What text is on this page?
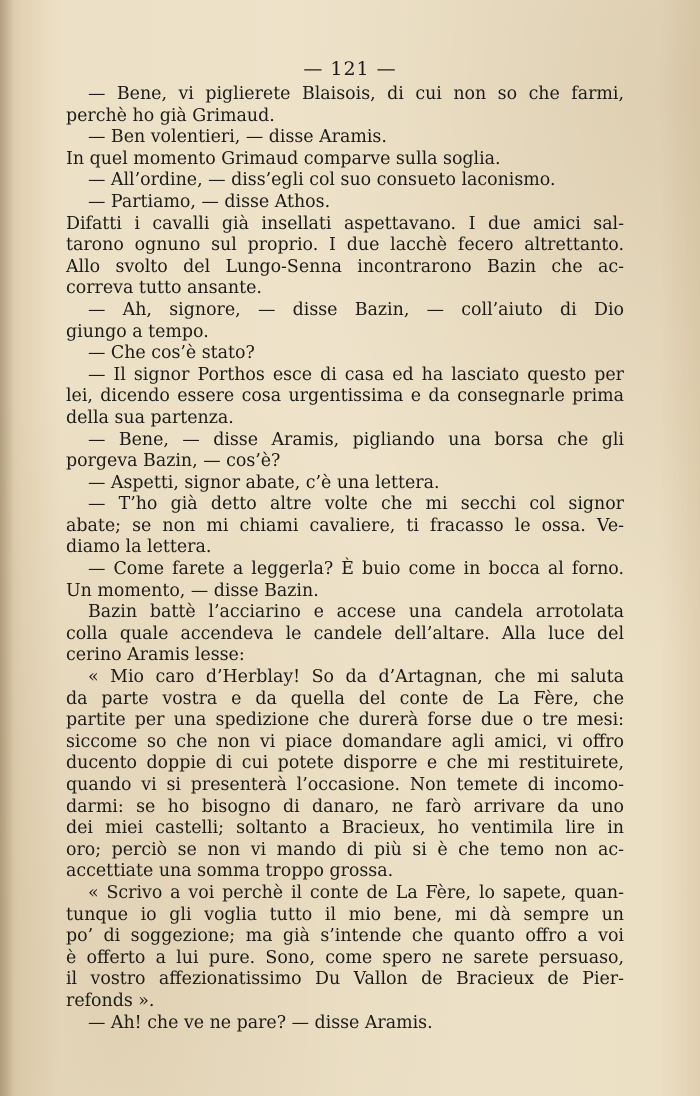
— 121 —
— Bene, vi piglierete Blaisois, di cui non so che farmi,
perchè ho già Grimaud.
— Ben volentieri, — disse Aramis.
In quel momento Grimaud comparve sulla soglia.
— All’ordine, — diss’egli col suo consueto laconismo.
— Partiamo, — disse Athos.
Difatti i cavalli già insellati aspettavano. I due amici sal-
tarono ognuno sul proprio. I due lacchè fecero altrettanto.
Allo svolto del Lungo-Senna incontrarono Bazin che ac-
correva tutto ansante.
— Ah, signore, — disse Bazin, — coll’aiuto di Dio
giungo a tempo.
— Che cos’è stato?
— Il signor Porthos esce di casa ed ha lasciato questo per
lei, dicendo essere cosa urgentissima e da consegnarle prima
della sua partenza.
— Bene, — disse Aramis, pigliando una borsa che gli
porgeva Bazin, — cos’è?
— Aspetti, signor abate, c’è una lettera.
— T’ho già detto altre volte che mi secchi col signor
abate; se non mi chiami cavaliere, ti fracasso le ossa. Ve-
diamo la lettera.
— Come farete a leggerla? È buio come in bocca al forno.
Un momento, — disse Bazin.
Bazin battè l’acciarino e accese una candela arrotolata
colla quale accendeva le candele dell’altare. Alla luce del
cerino Aramis lesse:
« Mio caro d’Herblay! So da d’Artagnan, che mi saluta
da parte vostra e da quella del conte de La Fère, che
partite per una spedizione che durerà forse due o tre mesi:
siccome so che non vi piace domandare agli amici, vi offro
ducento doppie di cui potete disporre e che mi restituirete,
quando vi si presenterà l’occasione. Non temete di incomo-
darmi: se ho bisogno di danaro, ne farò arrivare da uno
dei miei castelli; soltanto a Bracieux, ho ventimila lire in
oro; perciò se non vi mando di più si è che temo non ac-
accettiate una somma troppo grossa.
« Scrivo a voi perchè il conte de La Fère, lo sapete, quan-
tunque io gli voglia tutto il mio bene, mi dà sempre un
po’ di soggezione; ma già s’intende che quanto offro a voi
è offerto a lui pure. Sono, come spero ne sarete persuaso,
il vostro affezionatissimo Du Vallon de Bracieux de Pier-
refonds ».
— Ah! che ve ne pare? — disse Aramis.
